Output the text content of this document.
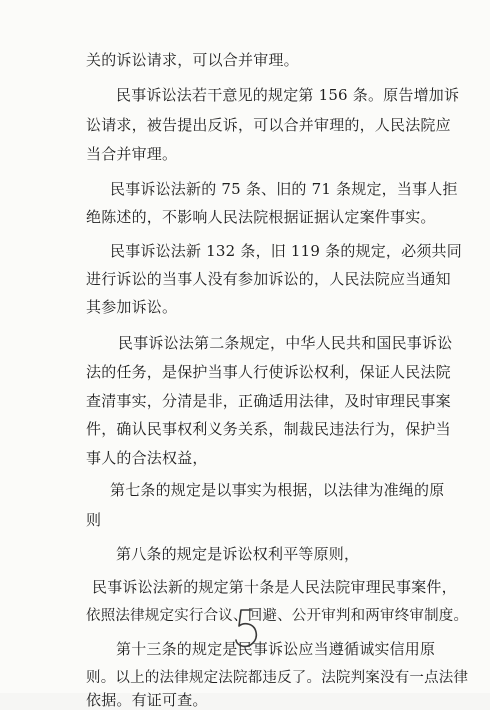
关的诉讼请求，可以合并审理。
民事诉讼法若干意见的规定第 156 条。原告增加诉
讼请求，被告提出反诉，可以合并审理的，人民法院应
当合并审理。
民事诉讼法新的 75 条、旧的 71 条规定，当事人拒
绝陈述的，不影响人民法院根据证据认定案件事实。
民事诉讼法新 132 条，旧 119 条的规定，必须共同
进行诉讼的当事人没有参加诉讼的，人民法院应当通知
其参加诉讼。
民事诉讼法第二条规定，中华人民共和国民事诉讼
法的任务，是保护当事人行使诉讼权利，保证人民法院
查清事实，分清是非，正确适用法律，及时审理民事案
件，确认民事权利义务关系，制裁民违法行为，保护当
事人的合法权益，
第七条的规定是以事实为根据，以法律为准绳的原
则
第八条的规定是诉讼权利平等原则，
民事诉讼法新的规定第十条是人民法院审理民事案件，
依照法律规定实行合议、回避、公开审判和两审终审制度。
第十三条的规定是民事诉讼应当遵循诚实信用原
则。以上的法律规定法院都违反了。法院判案没有一点法律
依据。有证可查。
